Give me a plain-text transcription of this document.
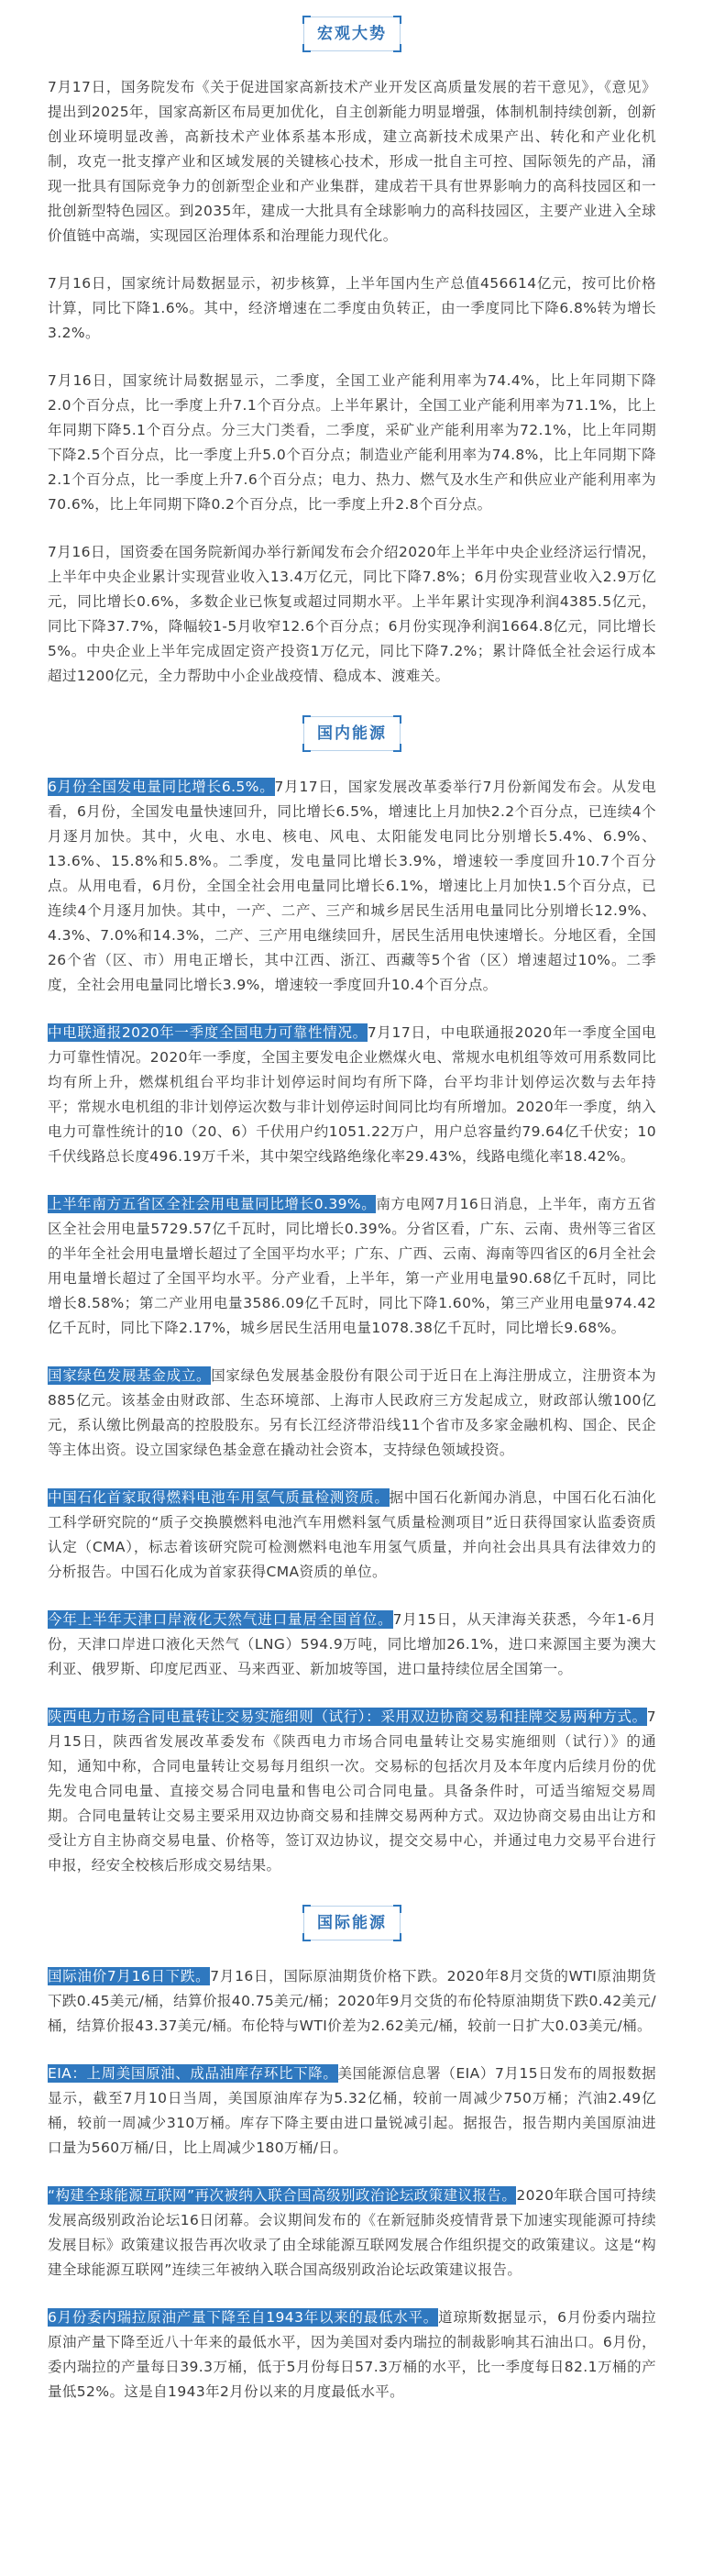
宏观大势

7月17日，国务院发布《关于促进国家高新技术产业开发区高质量发展的若干意见》，《意见》提出到2025年，国家高新区布局更加优化，自主创新能力明显增强，体制机制持续创新，创新创业环境明显改善，高新技术产业体系基本形成，建立高新技术成果产出、转化和产业化机制，攻克一批支撑产业和区域发展的关键核心技术，形成一批自主可控、国际领先的产品，涌现一批具有国际竞争力的创新型企业和产业集群，建成若干具有世界影响力的高科技园区和一批创新型特色园区。到2035年，建成一大批具有全球影响力的高科技园区，主要产业进入全球价值链中高端，实现园区治理体系和治理能力现代化。

7月16日，国家统计局数据显示，初步核算，上半年国内生产总值456614亿元，按可比价格计算，同比下降1.6%。其中，经济增速在二季度由负转正，由一季度同比下降6.8%转为增长3.2%。

7月16日，国家统计局数据显示，二季度，全国工业产能利用率为74.4%，比上年同期下降2.0个百分点，比一季度上升7.1个百分点。上半年累计，全国工业产能利用率为71.1%，比上年同期下降5.1个百分点。分三大门类看，二季度，采矿业产能利用率为72.1%，比上年同期下降2.5个百分点，比一季度上升5.0个百分点；制造业产能利用率为74.8%，比上年同期下降2.1个百分点，比一季度上升7.6个百分点；电力、热力、燃气及水生产和供应业产能利用率为70.6%，比上年同期下降0.2个百分点，比一季度上升2.8个百分点。

7月16日，国资委在国务院新闻办举行新闻发布会介绍2020年上半年中央企业经济运行情况，上半年中央企业累计实现营业收入13.4万亿元，同比下降7.8%；6月份实现营业收入2.9万亿元，同比增长0.6%，多数企业已恢复或超过同期水平。上半年累计实现净利润4385.5亿元，同比下降37.7%，降幅较1-5月收窄12.6个百分点；6月份实现净利润1664.8亿元，同比增长5%。中央企业上半年完成固定资产投资1万亿元，同比下降7.2%；累计降低全社会运行成本超过1200亿元，全力帮助中小企业战疫情、稳成本、渡难关。

国内能源

6月份全国发电量同比增长6.5%。7月17日，国家发展改革委举行7月份新闻发布会。从发电看，6月份，全国发电量快速回升，同比增长6.5%，增速比上月加快2.2个百分点，已连续4个月逐月加快。其中，火电、水电、核电、风电、太阳能发电同比分别增长5.4%、6.9%、13.6%、15.8%和5.8%。二季度，发电量同比增长3.9%，增速较一季度回升10.7个百分点。从用电看，6月份，全国全社会用电量同比增长6.1%，增速比上月加快1.5个百分点，已连续4个月逐月加快。其中，一产、二产、三产和城乡居民生活用电量同比分别增长12.9%、4.3%、7.0%和14.3%，二产、三产用电继续回升，居民生活用电快速增长。分地区看，全国26个省（区、市）用电正增长，其中江西、浙江、西藏等5个省（区）增速超过10%。二季度，全社会用电量同比增长3.9%，增速较一季度回升10.4个百分点。

中电联通报2020年一季度全国电力可靠性情况。7月17日，中电联通报2020年一季度全国电力可靠性情况。2020年一季度，全国主要发电企业燃煤火电、常规水电机组等效可用系数同比均有所上升，燃煤机组台平均非计划停运时间均有所下降，台平均非计划停运次数与去年持平；常规水电机组的非计划停运次数与非计划停运时间同比均有所增加。2020年一季度，纳入电力可靠性统计的10（20、6）千伏用户约1051.22万户，用户总容量约79.64亿千伏安；10千伏线路总长度496.19万千米，其中架空线路绝缘化率29.43%，线路电缆化率18.42%。

上半年南方五省区全社会用电量同比增长0.39%。南方电网7月16日消息，上半年，南方五省区全社会用电量5729.57亿千瓦时，同比增长0.39%。分省区看，广东、云南、贵州等三省区的半年全社会用电量增长超过了全国平均水平；广东、广西、云南、海南等四省区的6月全社会用电量增长超过了全国平均水平。分产业看，上半年，第一产业用电量90.68亿千瓦时，同比增长8.58%；第二产业用电量3586.09亿千瓦时，同比下降1.60%，第三产业用电量974.42亿千瓦时，同比下降2.17%，城乡居民生活用电量1078.38亿千瓦时，同比增长9.68%。

国家绿色发展基金成立。国家绿色发展基金股份有限公司于近日在上海注册成立，注册资本为885亿元。该基金由财政部、生态环境部、上海市人民政府三方发起成立，财政部认缴100亿元，系认缴比例最高的控股股东。另有长江经济带沿线11个省市及多家金融机构、国企、民企等主体出资。设立国家绿色基金意在撬动社会资本，支持绿色领域投资。

中国石化首家取得燃料电池车用氢气质量检测资质。据中国石化新闻办消息，中国石化石油化工科学研究院的“质子交换膜燃料电池汽车用燃料氢气质量检测项目”近日获得国家认监委资质认定（CMA），标志着该研究院可检测燃料电池车用氢气质量，并向社会出具具有法律效力的分析报告。中国石化成为首家获得CMA资质的单位。

今年上半年天津口岸液化天然气进口量居全国首位。7月15日，从天津海关获悉，今年1-6月份，天津口岸进口液化天然气（LNG）594.9万吨，同比增加26.1%，进口来源国主要为澳大利亚、俄罗斯、印度尼西亚、马来西亚、新加坡等国，进口量持续位居全国第一。

陕西电力市场合同电量转让交易实施细则（试行）：采用双边协商交易和挂牌交易两种方式。7月15日，陕西省发展改革委发布《陕西电力市场合同电量转让交易实施细则（试行）》的通知，通知中称，合同电量转让交易每月组织一次。交易标的包括次月及本年度内后续月份的优先发电合同电量、直接交易合同电量和售电公司合同电量。具备条件时，可适当缩短交易周期。合同电量转让交易主要采用双边协商交易和挂牌交易两种方式。双边协商交易由出让方和受让方自主协商交易电量、价格等，签订双边协议，提交交易中心，并通过电力交易平台进行申报，经安全校核后形成交易结果。

国际能源

国际油价7月16日下跌。7月16日，国际原油期货价格下跌。2020年8月交货的WTI原油期货下跌0.45美元/桶，结算价报40.75美元/桶；2020年9月交货的布伦特原油期货下跌0.42美元/桶，结算价报43.37美元/桶。布伦特与WTI价差为2.62美元/桶，较前一日扩大0.03美元/桶。

EIA：上周美国原油、成品油库存环比下降。美国能源信息署（EIA）7月15日发布的周报数据显示，截至7月10日当周，美国原油库存为5.32亿桶，较前一周减少750万桶；汽油2.49亿桶，较前一周减少310万桶。库存下降主要由进口量锐减引起。据报告，报告期内美国原油进口量为560万桶/日，比上周减少180万桶/日。

“构建全球能源互联网”再次被纳入联合国高级别政治论坛政策建议报告。2020年联合国可持续发展高级别政治论坛16日闭幕。会议期间发布的《在新冠肺炎疫情背景下加速实现能源可持续发展目标》政策建议报告再次收录了由全球能源互联网发展合作组织提交的政策建议。这是“构建全球能源互联网”连续三年被纳入联合国高级别政治论坛政策建议报告。

6月份委内瑞拉原油产量下降至自1943年以来的最低水平。道琼斯数据显示，6月份委内瑞拉原油产量下降至近八十年来的最低水平，因为美国对委内瑞拉的制裁影响其石油出口。6月份，委内瑞拉的产量每日39.3万桶，低于5月份每日57.3万桶的水平，比一季度每日82.1万桶的产量低52%。这是自1943年2月份以来的月度最低水平。
